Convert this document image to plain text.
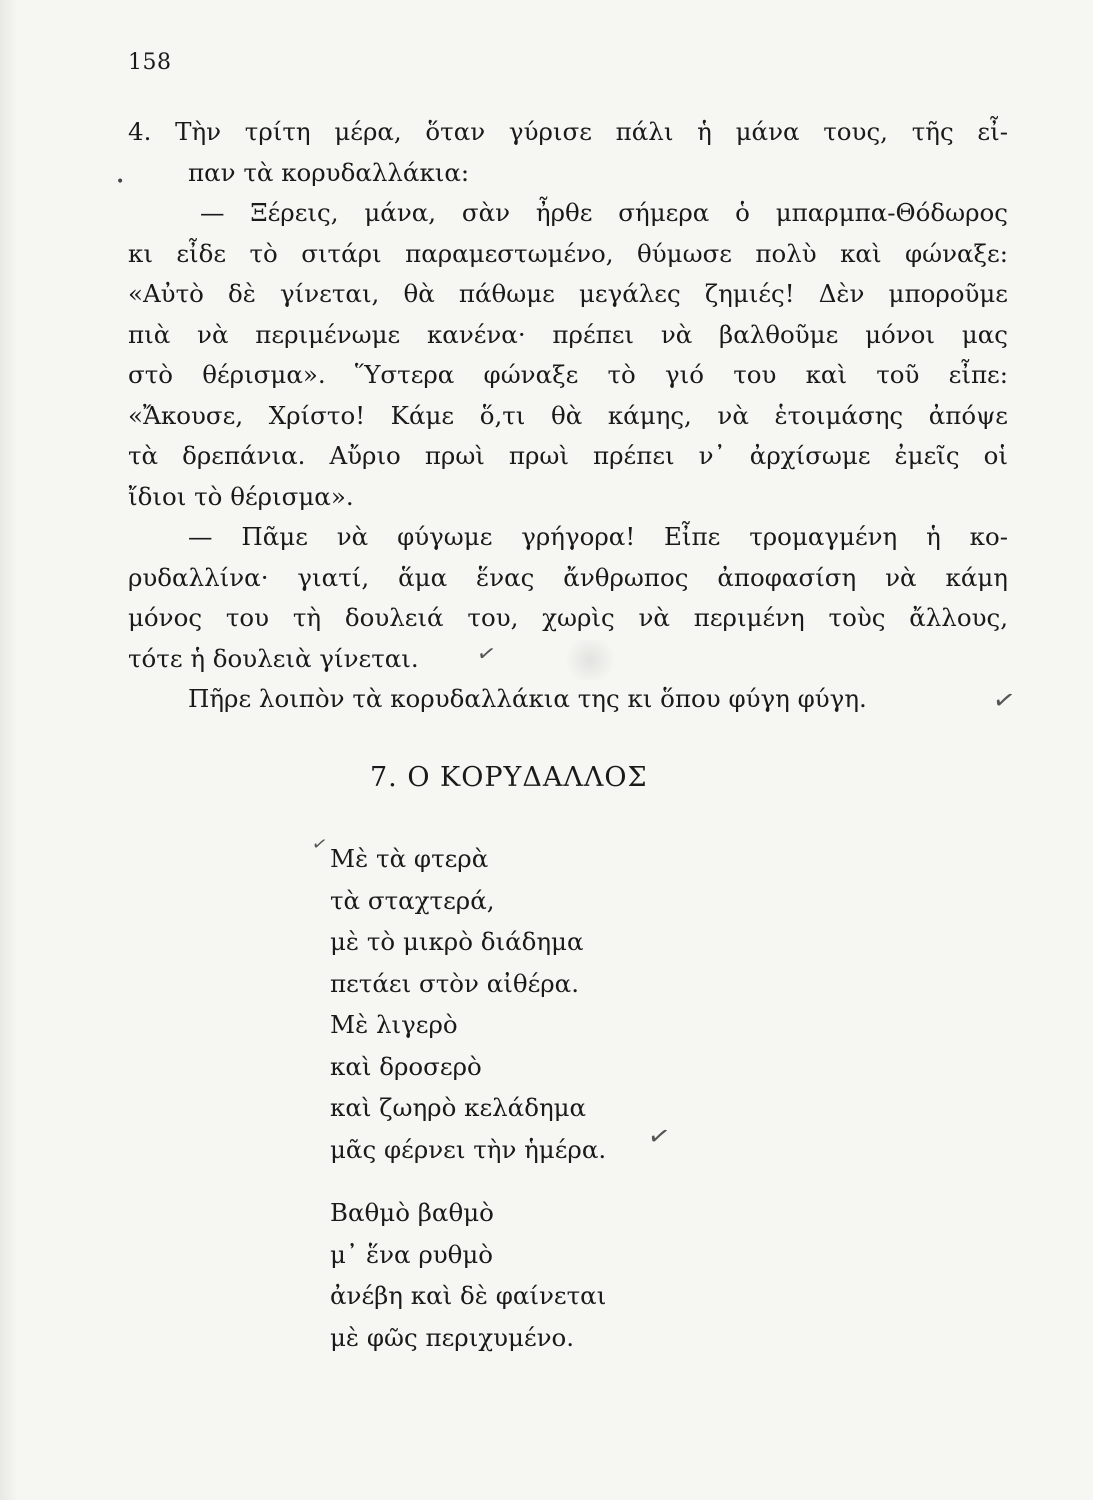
158
•
4. Τὴν τρίτη μέρα, ὅταν γύρισε πάλι ἡ μάνα τους, τῆς εἶ-
παν τὰ κορυδαλλάκια:
— Ξέρεις, μάνα, σὰν ἦρθε σήμερα ὁ μπαρμπα-Θόδωρος
κι εἶδε τὸ σιτάρι παραμεστωμένο, θύμωσε πολὺ καὶ φώναξε:
«Αὐτὸ δὲ γίνεται, θὰ πάθωμε μεγάλες ζημιές! Δὲν μποροῦμε
πιὰ νὰ περιμένωμε κανένα· πρέπει νὰ βαλθοῦμε μόνοι μας
στὸ θέρισμα». Ὕστερα φώναξε τὸ γιό του καὶ τοῦ εἶπε:
«Ἄκουσε, Χρίστο! Κάμε ὅ,τι θὰ κάμης, νὰ ἑτοιμάσης ἀπόψε
τὰ δρεπάνια. Αὔριο πρωὶ πρωὶ πρέπει ν᾿ ἀρχίσωμε ἐμεῖς οἱ
ἴδιοι τὸ θέρισμα».
— Πᾶμε νὰ φύγωμε γρήγορα! Εἶπε τρομαγμένη ἡ κο-
ρυδαλλίνα· γιατί, ἅμα ἕνας ἄνθρωπος ἀποφασίση νὰ κάμη
μόνος του τὴ δουλειά του, χωρὶς νὰ περιμένη τοὺς ἄλλους,
τότε ἡ δουλειὰ γίνεται.
Πῆρε λοιπὸν τὰ κορυδαλλάκια της κι ὅπου φύγη φύγη.
✓
✓
7. Ο ΚΟΡΥΔΑΛΛΟΣ
✓ Μὲ τὰ φτερὰ
τὰ σταχτερά,
μὲ τὸ μικρὸ διάδημα
πετάει στὸν αἰθέρα.
Μὲ λιγερὸ
καὶ δροσερὸ
καὶ ζωηρὸ κελάδημα
μᾶς φέρνει τὴν ἡμέρα.
Βαθμὸ βαθμὸ
μ᾿ ἕνα ρυθμὸ
ἀνέβη καὶ δὲ φαίνεται
μὲ φῶς περιχυμένο.
✓
